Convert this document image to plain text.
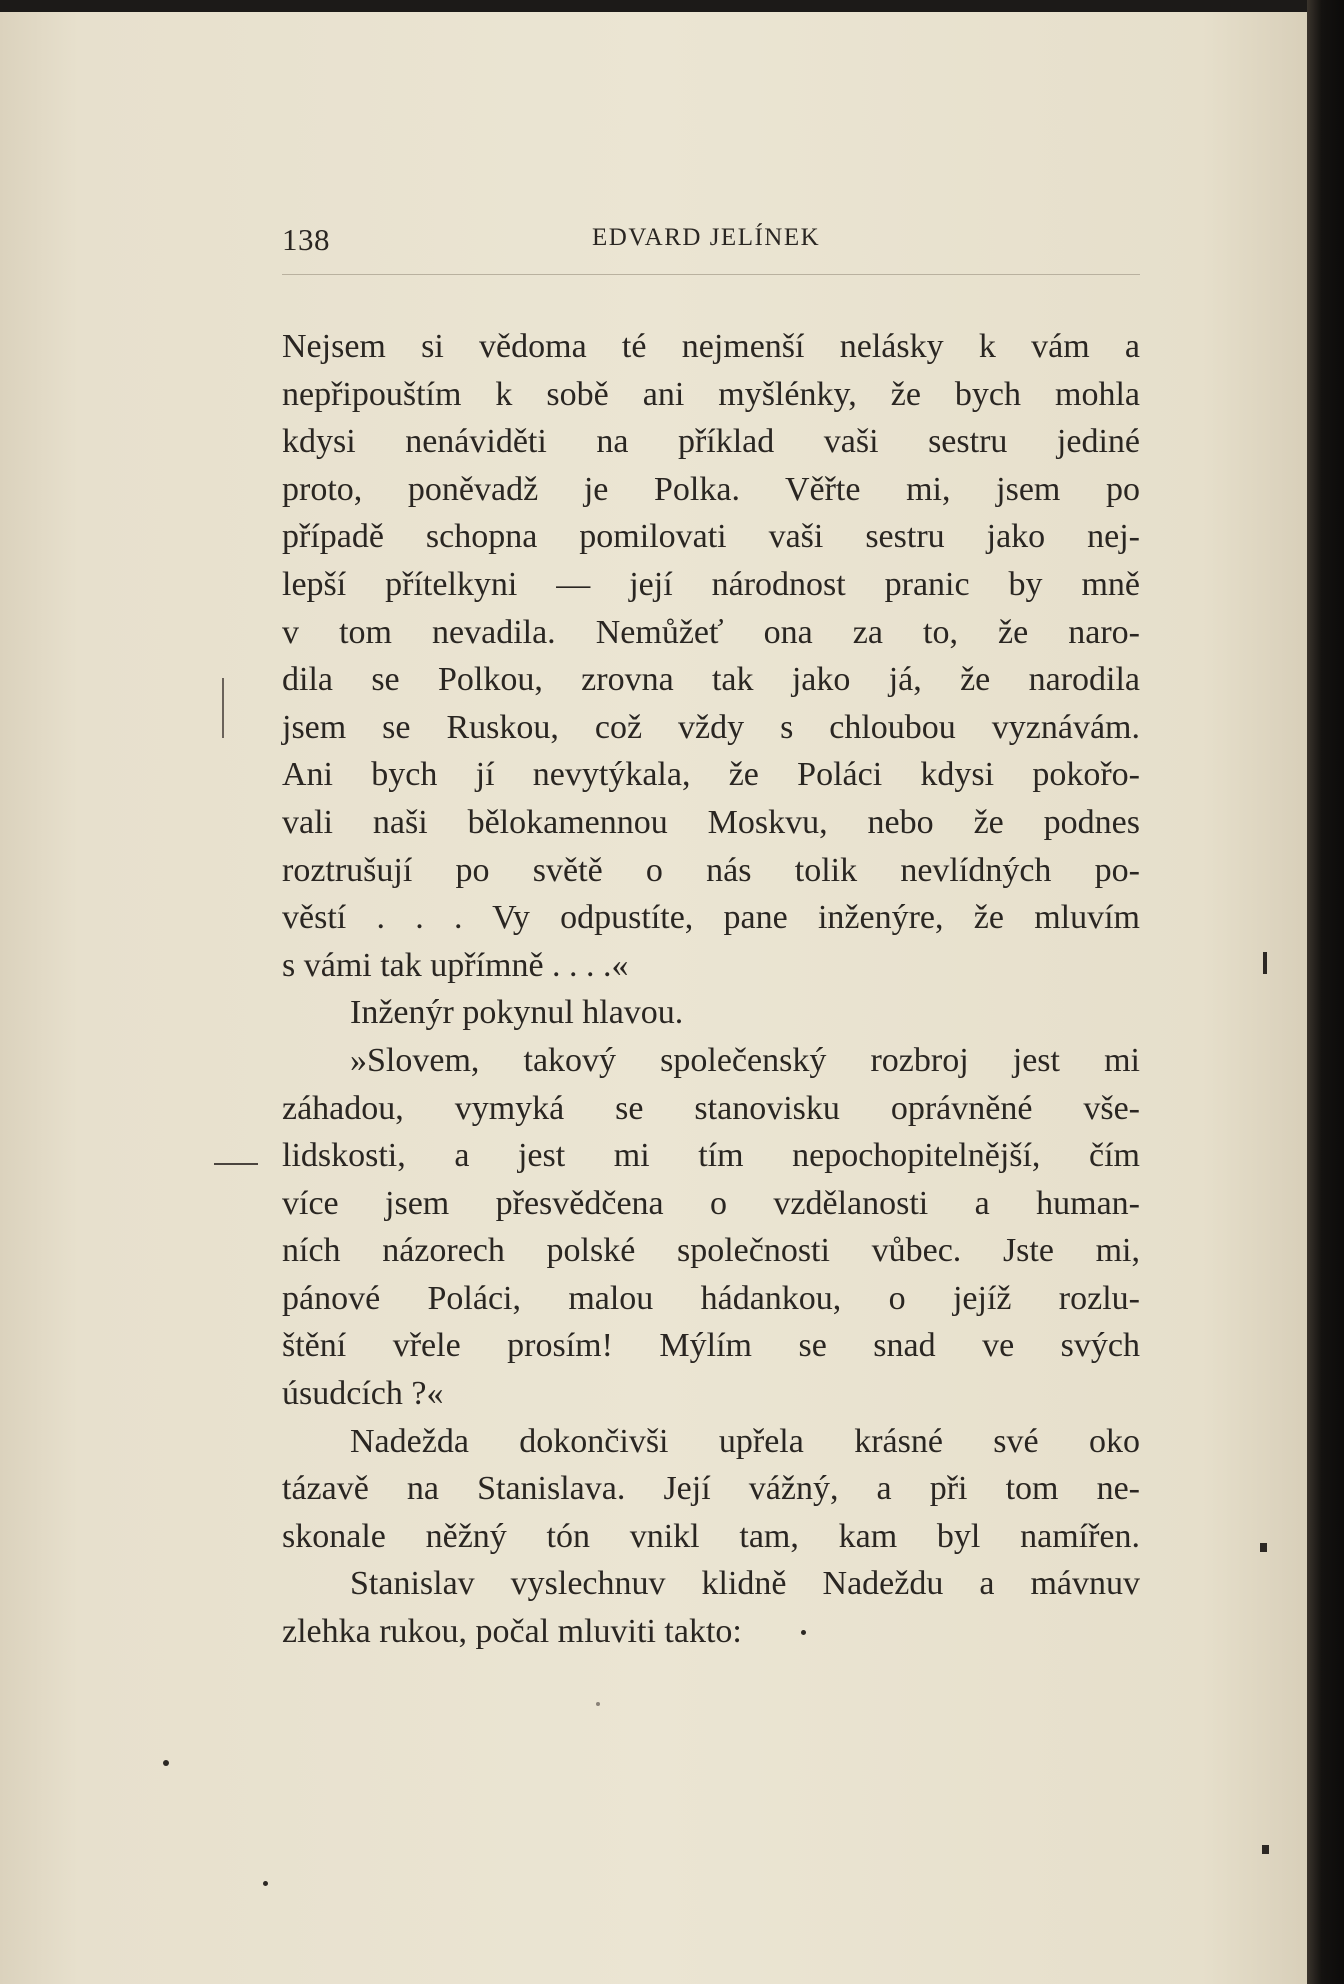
138	EDVARD JELÍNEK
Nejsem si vědoma té nejmenší nelásky k vám a
nepřipouštím k sobě ani myšlénky, že bych mohla
kdysi nenáviděti na příklad vaši sestru jediné
proto, poněvadž je Polka. Věřte mi, jsem po
případě schopna pomilovati vaši sestru jako nej-
lepší přítelkyni — její národnost pranic by mně
v tom nevadila. Nemůžeť ona za to, že naro-
dila se Polkou, zrovna tak jako já, že narodila
jsem se Ruskou, což vždy s chloubou vyznávám.
Ani bych jí nevytýkala, že Poláci kdysi pokořo-
vali naši bělokamennou Moskvu, nebo že podnes
roztrušují po světě o nás tolik nevlídných po-
věstí . . . Vy odpustíte, pane inženýre, že mluvím
s vámi tak upřímně . . . .«
Inženýr pokynul hlavou.
»Slovem, takový společenský rozbroj jest mi
záhadou, vymyká se stanovisku oprávněné vše-
lidskosti, a jest mi tím nepochopitelnější, čím
více jsem přesvědčena o vzdělanosti a human-
ních názorech polské společnosti vůbec. Jste mi,
pánové Poláci, malou hádankou, o jejíž rozlu-
štění vřele prosím! Mýlím se snad ve svých
úsudcích ?«
Nadežda dokončivši upřela krásné své oko
tázavě na Stanislava. Její vážný, a při tom ne-
skonale něžný tón vnikl tam, kam byl namířen.
Stanislav vyslechnuv klidně Nadeždu a mávnuv
zlehka rukou, počal mluviti takto:
